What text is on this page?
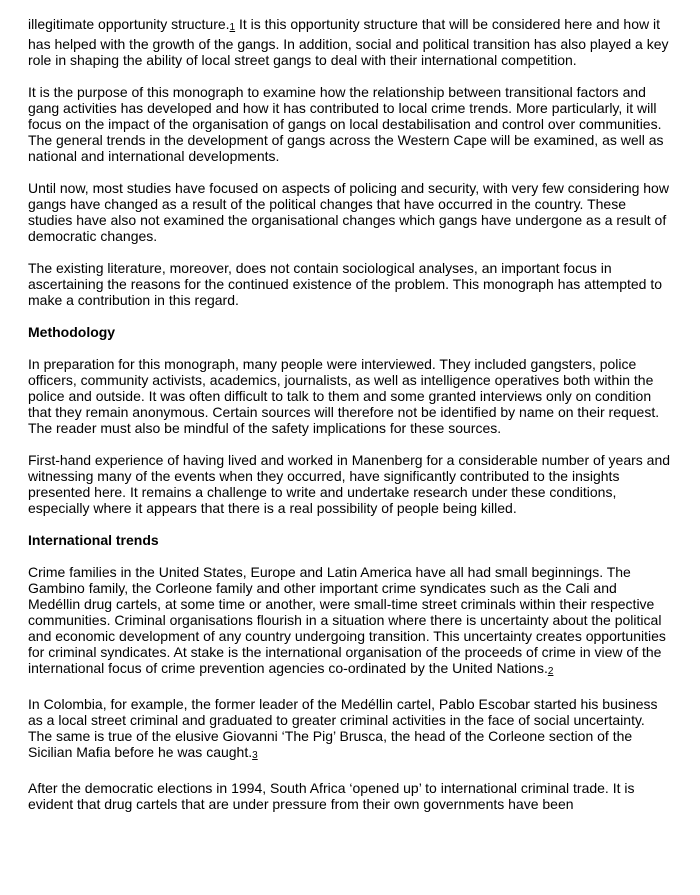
illegitimate opportunity structure.1 It is this opportunity structure that will be considered here and how it has helped with the growth of the gangs. In addition, social and political transition has also played a key role in shaping the ability of local street gangs to deal with their international competition.

It is the purpose of this monograph to examine how the relationship between transitional factors and gang activities has developed and how it has contributed to local crime trends. More particularly, it will focus on the impact of the organisation of gangs on local destabilisation and control over communities. The general trends in the development of gangs across the Western Cape will be examined, as well as national and international developments.

Until now, most studies have focused on aspects of policing and security, with very few considering how gangs have changed as a result of the political changes that have occurred in the country. These studies have also not examined the organisational changes which gangs have undergone as a result of democratic changes.

The existing literature, moreover, does not contain sociological analyses, an important focus in ascertaining the reasons for the continued existence of the problem. This monograph has attempted to make a contribution in this regard.

Methodology

In preparation for this monograph, many people were interviewed. They included gangsters, police officers, community activists, academics, journalists, as well as intelligence operatives both within the police and outside. It was often difficult to talk to them and some granted interviews only on condition that they remain anonymous. Certain sources will therefore not be identified by name on their request. The reader must also be mindful of the safety implications for these sources.

First-hand experience of having lived and worked in Manenberg for a considerable number of years and witnessing many of the events when they occurred, have significantly contributed to the insights presented here. It remains a challenge to write and undertake research under these conditions, especially where it appears that there is a real possibility of people being killed.

International trends

Crime families in the United States, Europe and Latin America have all had small beginnings. The Gambino family, the Corleone family and other important crime syndicates such as the Cali and Medéllin drug cartels, at some time or another, were small-time street criminals within their respective communities. Criminal organisations flourish in a situation where there is uncertainty about the political and economic development of any country undergoing transition. This uncertainty creates opportunities for criminal syndicates. At stake is the international organisation of the proceeds of crime in view of the international focus of crime prevention agencies co-ordinated by the United Nations.2

In Colombia, for example, the former leader of the Medéllin cartel, Pablo Escobar started his business as a local street criminal and graduated to greater criminal activities in the face of social uncertainty. The same is true of the elusive Giovanni ‘The Pig’ Brusca, the head of the Corleone section of the Sicilian Mafia before he was caught.3

After the democratic elections in 1994, South Africa ‘opened up’ to international criminal trade. It is evident that drug cartels that are under pressure from their own governments have been
